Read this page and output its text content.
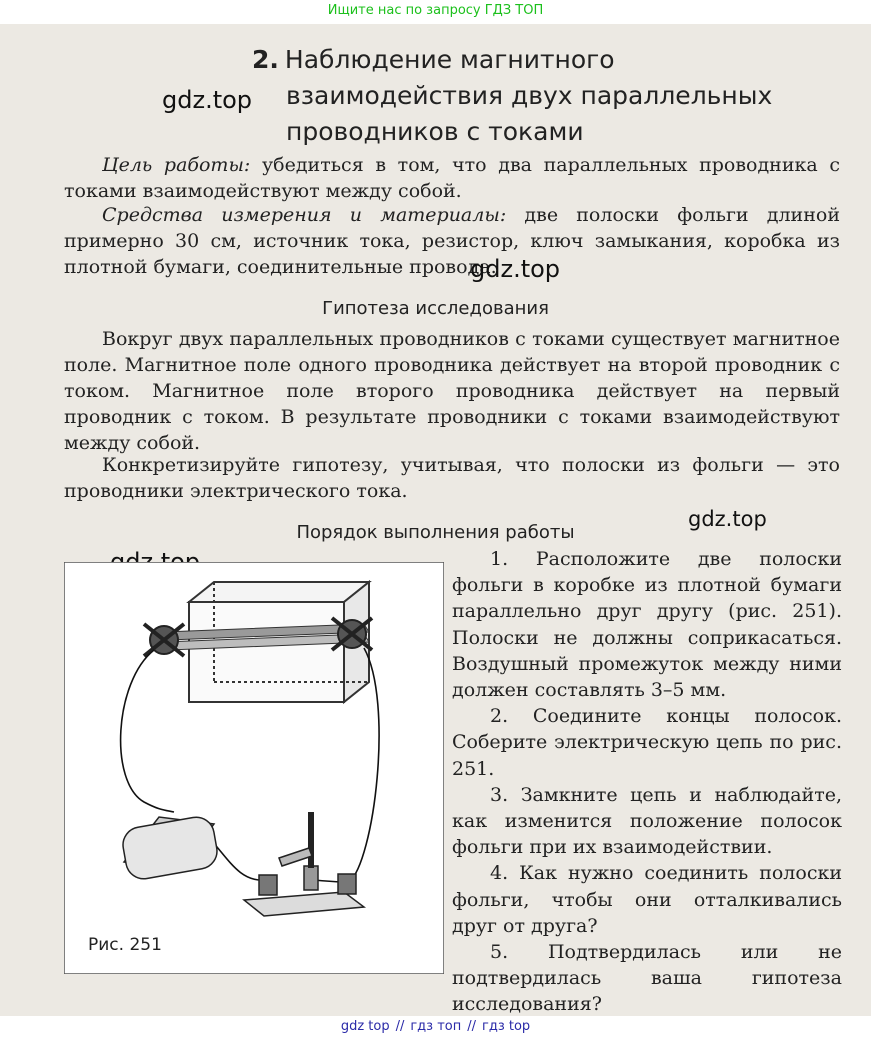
Ищите нас по запросу ГДЗ ТОП
2. Наблюдение магнитного
взаимодействия двух параллельных
проводников с токами
gdz.top
Цель работы: убедиться в том, что два параллельных проводника с токами взаимодействуют между собой.
Средства измерения и материалы: две полоски фольги длиной примерно 30 см, источник тока, резистор, ключ замыкания, коробка из плотной бумаги, соединительные провода.
gdz.top
Гипотеза исследования
Вокруг двух параллельных проводников с токами существует магнитное поле. Магнитное поле одного проводника действует на второй проводник с током. Магнитное поле второго проводника действует на первый проводник с током. В результате проводники с токами взаимодействуют между собой.
Конкретизируйте гипотезу, учитывая, что полоски из фольги — это проводники электрического тока.
Порядок выполнения работы
gdz.top

1. Расположите две полоски фольги в коробке из плотной бумаги параллельно друг другу (рис. 251). Полоски не должны соприкасаться. Воздушный промежуток между ними должен составлять 3–5 мм.

2. Соедините концы полосок. Соберите электрическую цепь по рис. 251.

3. Замкните цепь и наблюдайте, как изменится положение полосок фольги при их взаимодействии.

4. Как нужно соединить полоски фольги, чтобы они отталкивались друг от друга?

5. Подтвердилась или не подтвердилась ваша гипотеза исследования?

Рис. 251
gdz top // гдз топ // гдз top
